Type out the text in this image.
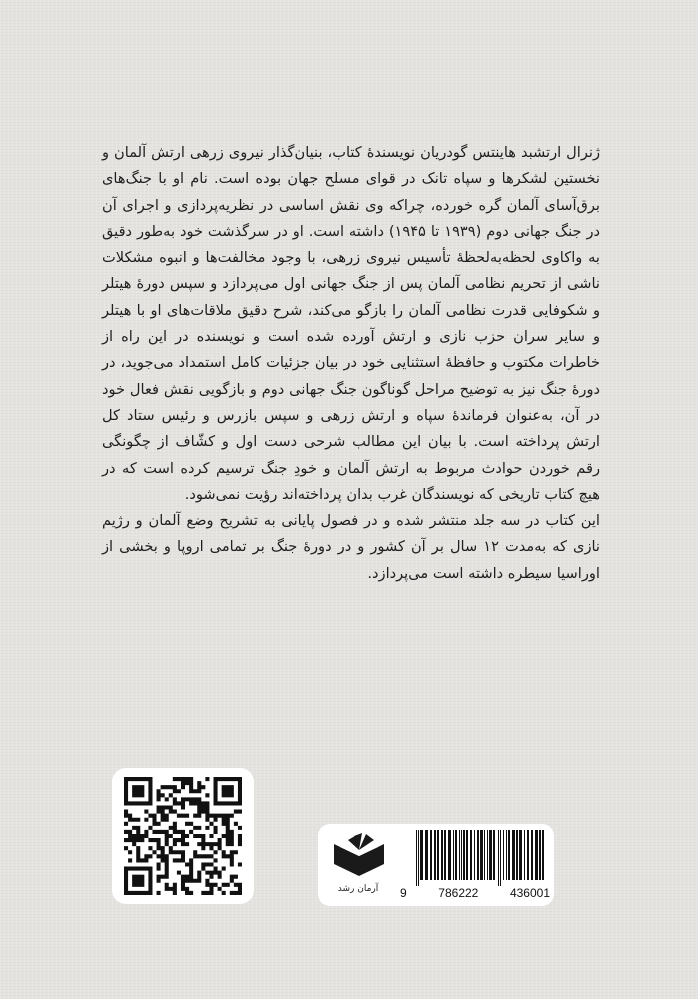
ژنرال ارتشبد هاینتس گودریان نویسندهٔ کتاب، بنیان‌گذار نیروی زرهی ارتش آلمان و نخستین لشکرها و سپاه تانک در قوای مسلح جهان بوده است. نام او با جنگ‌های برق‌آسای آلمان گره خورده، چراکه وی نقش اساسی در نظریه‌پردازی و اجرای آن در جنگ جهانی دوم (۱۹۳۹ تا ۱۹۴۵) داشته است. او در سرگذشت خود به‌طور دقیق به واکاوی لحظه‌به‌لحظهٔ تأسیس نیروی زرهی، با وجود مخالفت‌ها و انبوه مشکلات ناشی از تحریم نظامی آلمان پس از جنگ جهانی اول می‌پردازد و سپس دورهٔ هیتلر و شکوفایی قدرت نظامی آلمان را بازگو می‌کند، شرح دقیق ملاقات‌های او با هیتلر و سایر سران حزب نازی و ارتش آورده شده است و نویسنده در این راه از خاطرات مکتوب و حافظهٔ استثنایی خود در بیان جزئیات کامل استمداد می‌جوید، در دورهٔ جنگ نیز به توضیح مراحل گوناگون جنگ جهانی دوم و بازگویی نقش فعال خود در آن، به‌عنوان فرماندهٔ سپاه و ارتش زرهی و سپس بازرس و رئیس ستاد کل ارتش پرداخته است. با بیان این مطالب شرحی دست اول و کشّاف از چگونگی رقم خوردن حوادث مربوط به ارتش آلمان و خودِ جنگ ترسیم کرده است که در هیچ کتاب تاریخی که نویسندگان غرب بدان پرداخته‌اند رؤیت نمی‌شود.

این کتاب در سه جلد منتشر شده و در فصول پایانی به تشریح وضع آلمان و رژیم نازی که به‌مدت ۱۲ سال بر آن کشور و در دورهٔ جنگ بر تمامی اروپا و بخشی از اوراسیا سیطره داشته است می‌پردازد.

آرمان رشد	9	786222	436001
